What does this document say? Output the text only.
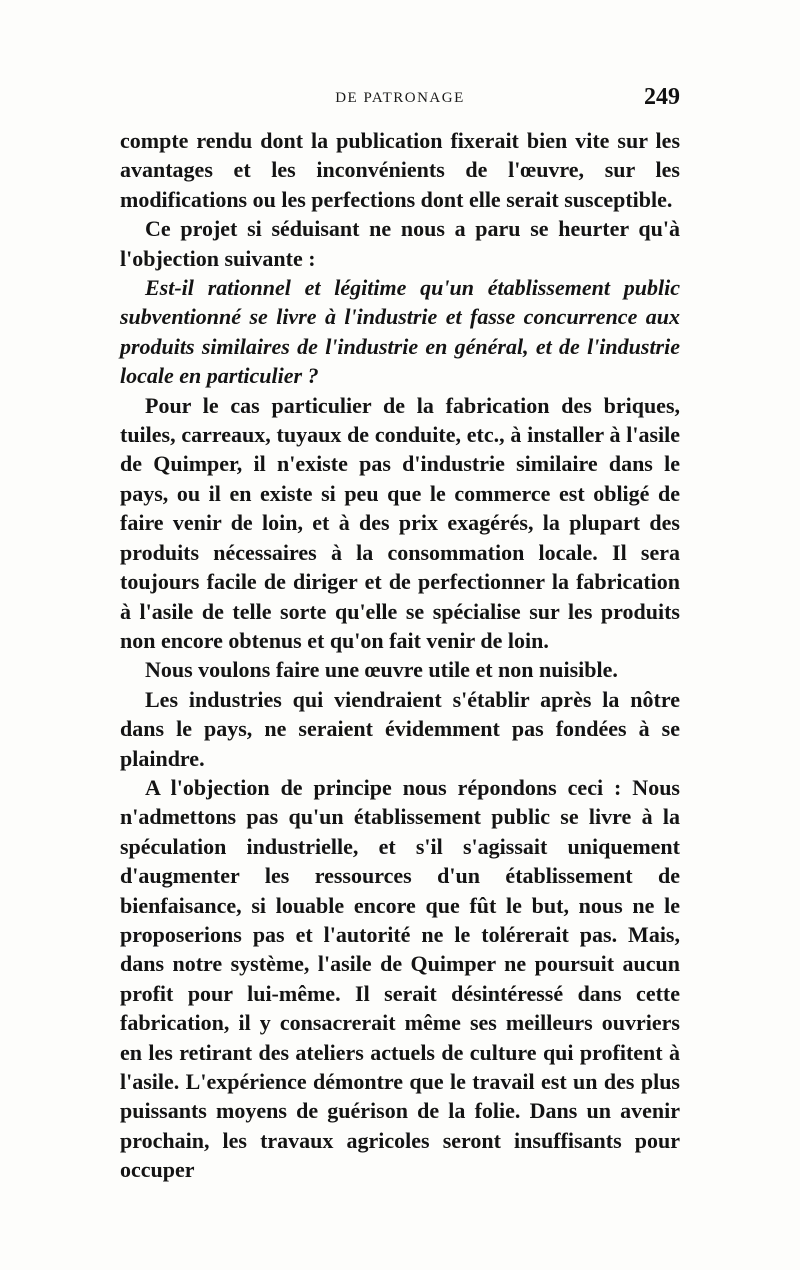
DE PATRONAGE	249

compte rendu dont la publication fixerait bien vite sur les avantages et les inconvénients de l'œuvre, sur les modifications ou les perfections dont elle serait susceptible.

Ce projet si séduisant ne nous a paru se heurter qu'à l'objection suivante :

Est-il rationnel et légitime qu'un établissement public subventionné se livre à l'industrie et fasse concurrence aux produits similaires de l'industrie en général, et de l'industrie locale en particulier ?

Pour le cas particulier de la fabrication des briques, tuiles, carreaux, tuyaux de conduite, etc., à installer à l'asile de Quimper, il n'existe pas d'industrie similaire dans le pays, ou il en existe si peu que le commerce est obligé de faire venir de loin, et à des prix exagérés, la plupart des produits nécessaires à la consommation locale. Il sera toujours facile de diriger et de perfectionner la fabrication à l'asile de telle sorte qu'elle se spécialise sur les produits non encore obtenus et qu'on fait venir de loin.

Nous voulons faire une œuvre utile et non nuisible.

Les industries qui viendraient s'établir après la nôtre dans le pays, ne seraient évidemment pas fondées à se plaindre.

A l'objection de principe nous répondons ceci : Nous n'admettons pas qu'un établissement public se livre à la spéculation industrielle, et s'il s'agissait uniquement d'augmenter les ressources d'un établissement de bienfaisance, si louable encore que fût le but, nous ne le proposerions pas et l'autorité ne le tolérerait pas. Mais, dans notre système, l'asile de Quimper ne poursuit aucun profit pour lui-même. Il serait désintéressé dans cette fabrication, il y consacrerait même ses meilleurs ouvriers en les retirant des ateliers actuels de culture qui profitent à l'asile. L'expérience démontre que le travail est un des plus puissants moyens de guérison de la folie. Dans un avenir prochain, les travaux agricoles seront insuffisants pour occuper
